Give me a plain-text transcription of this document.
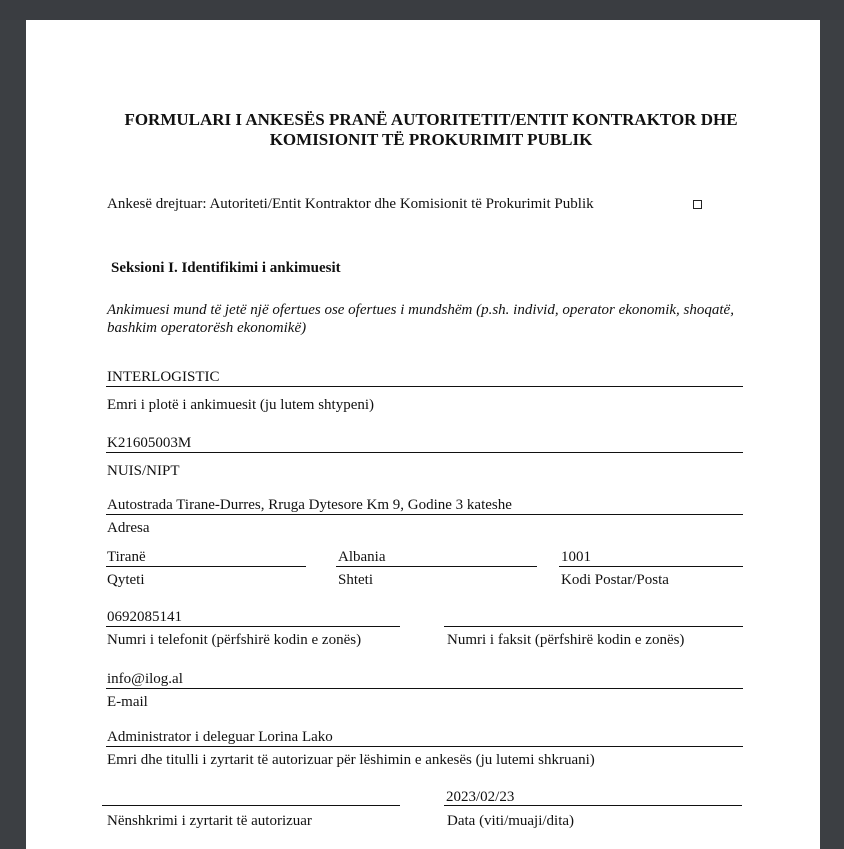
FORMULARI I ANKESËS PRANË AUTORITETIT/ENTIT KONTRAKTOR DHE KOMISIONIT TË PROKURIMIT PUBLIK
Ankesë drejtuar: Autoriteti/Entit Kontraktor dhe Komisionit të Prokurimit Publik
Seksioni I. Identifikimi i ankimuesit
Ankimuesi mund të jetë një ofertues ose ofertues i mundshëm (p.sh. individ, operator ekonomik, shoqatë, bashkim operatorësh ekonomikë)
INTERLOGISTIC
Emri i plotë i ankimuesit (ju lutem shtypeni)
K21605003M
NUIS/NIPT
Autostrada Tirane-Durres, Rruga Dytesore Km 9, Godine 3 kateshe
Adresa
Tiranë
Qyteti
Albania
Shteti
1001
Kodi Postar/Posta
0692085141
Numri i telefonit (përfshirë kodin e zonës)	Numri i faksit (përfshirë kodin e zonës)
info@ilog.al
E-mail
Administrator i deleguar Lorina Lako
Emri dhe titulli i zyrtarit të autorizuar për lëshimin e ankesës (ju lutemi shkruani)
Nënshkrimi i zyrtarit të autorizuar
2023/02/23
Data (viti/muaji/dita)
